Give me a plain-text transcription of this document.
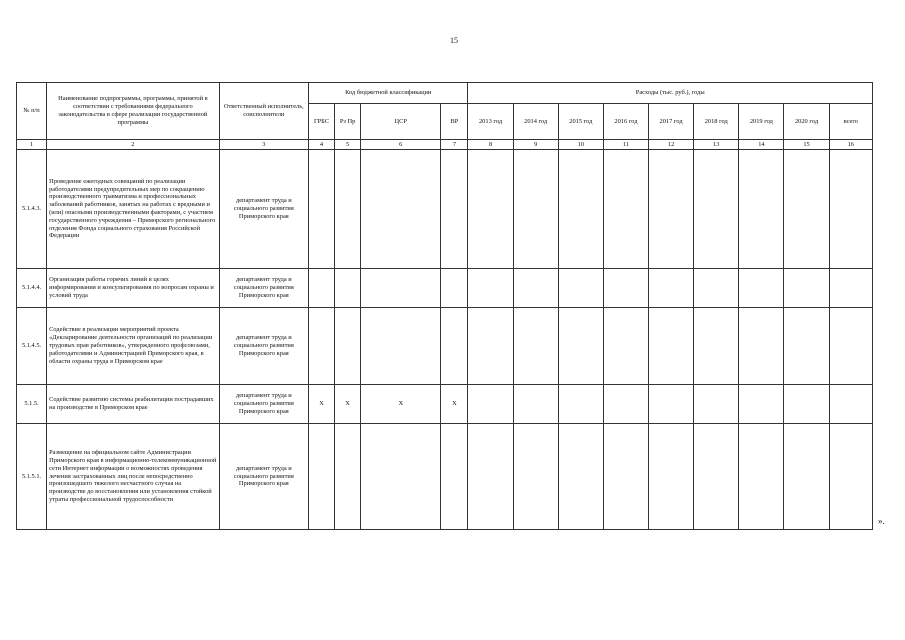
15
№ п/п	Наименование подпрограммы, программы, принятой в соответствии с требованиями федерального законодательства в сфере реализации государственной программы	Ответственный исполнитель, соисполнители	Код бюджетной классификации				Расходы (тыс. руб.), годы								
			ГРБС	Рз Пр	ЦСР	ВР	2013 год	2014 год	2015 год	2016 год	2017 год	2018 год	2019 год	2020 год	всего
1	2	3	4	5	6	7	8	9	10	11	12	13	14	15	16
5.1.4.3.	Проведение ежегодных совещаний по реализации работодателями предупредительных мер по сокращению производственного травматизма и профессиональных заболеваний работников, занятых на работах с вредными и (или) опасными производственными факторами, с участием государственного учреждения – Приморского регионального отделения Фонда социального страхования Российской Федерации	департамент труда и социального развития Приморского края													
5.1.4.4.	Организация работы горячих линий в целях информирования и консультирования по вопросам охраны и условий труда	департамент труда и социального развития Приморского края													
5.1.4.5.	Содействие в реализации мероприятий проекта «Декларирование деятельности организаций по реализации трудовых прав работников», утвержденного профсоюзами, работодателями и Администрацией Приморского края, в области охраны труда в Приморском крае	департамент труда и социального развития Приморского края													
5.1.5.	Содействие развитию системы реабилитации пострадавших на производстве в Приморском крае	департамент труда и социального развития Приморского края	Х	Х	Х	Х									
5.1.5.1.	Размещение на официальном сайте Администрации Приморского края в информационно-телекоммуникационной сети Интернет информации о возможностях проведения лечения застрахованных лиц после непосредственно произошедшего тяжелого несчастного случая на производстве до восстановления или установления стойкой утраты профессиональной трудоспособности	департамент труда и социального развития Приморского края													
».
